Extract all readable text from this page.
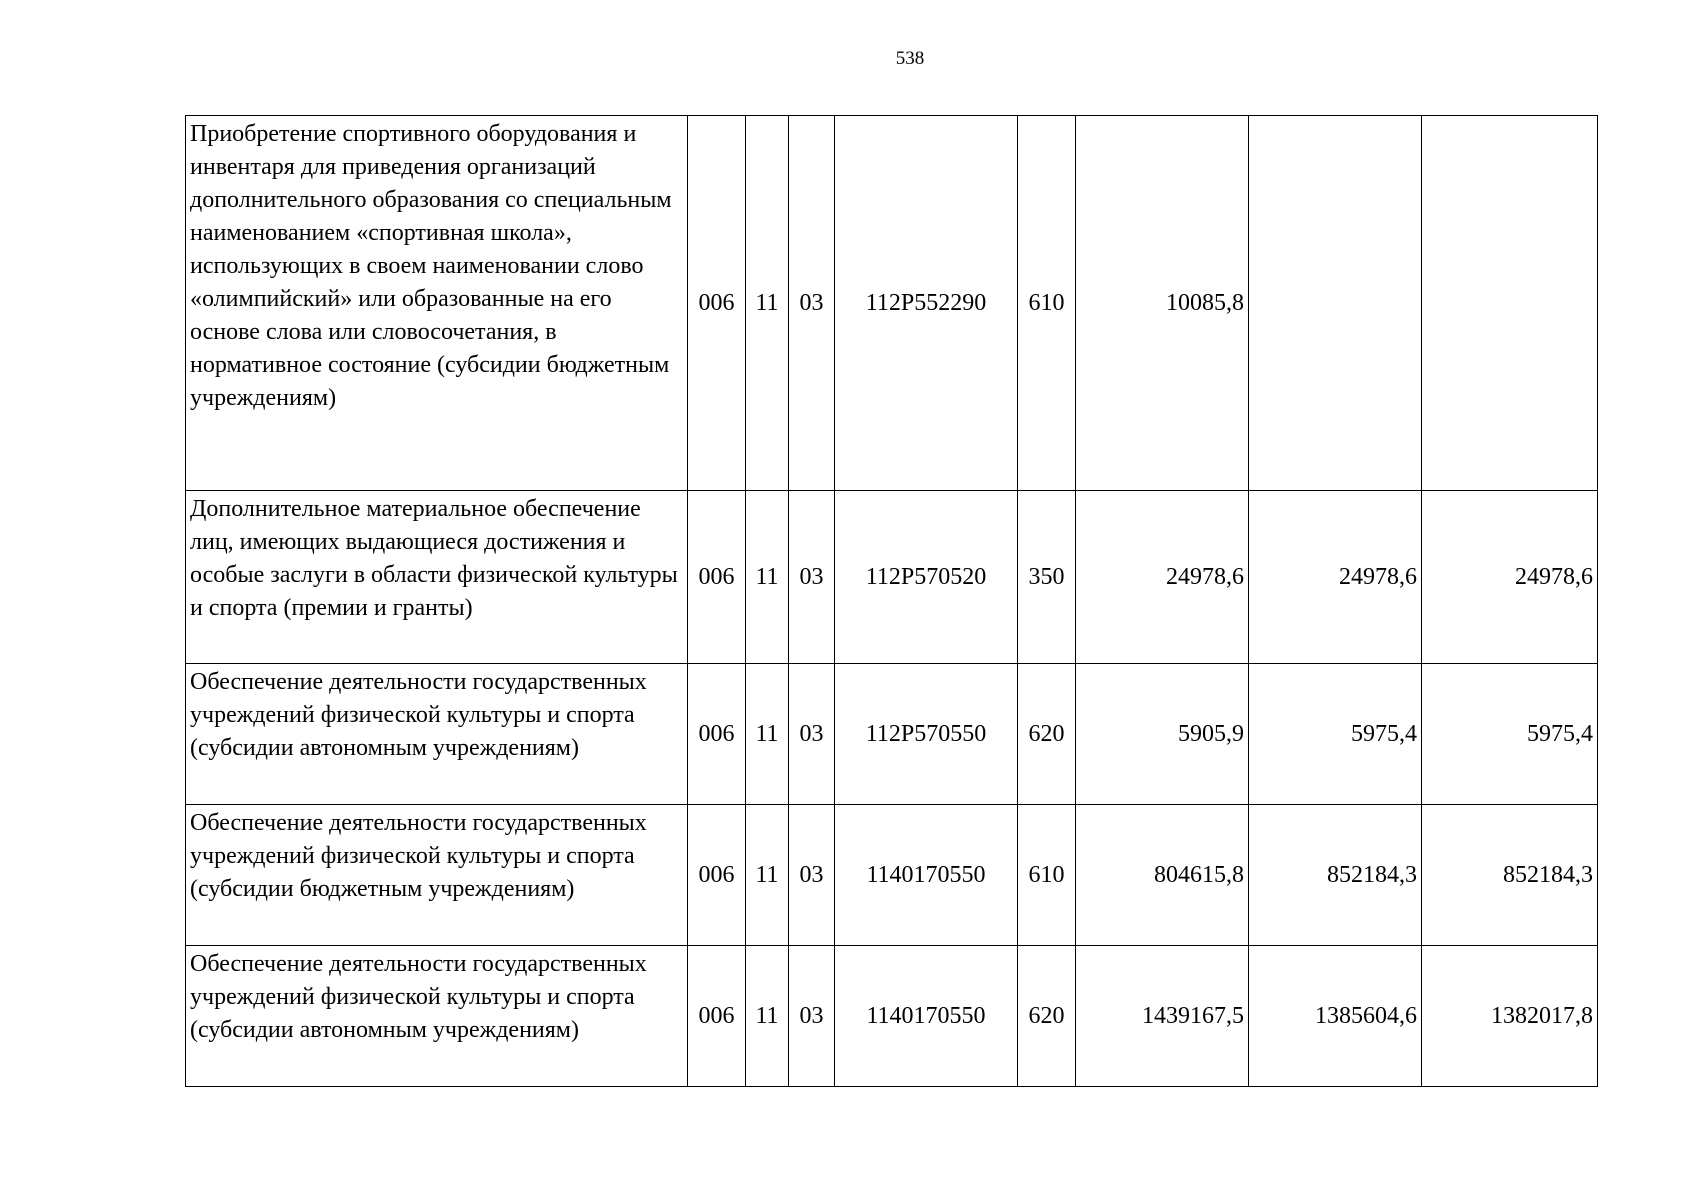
538
Приобретение спортивного оборудования и инвентаря для приведения организаций дополнительного образования со специальным наименованием «спортивная школа», использующих в своем наименовании слово «олимпийский» или образованные на его основе слова или словосочетания, в нормативное состояние (субсидии бюджетным учреждениям)	006	11	03	112P552290	610	10085,8		
Дополнительное материальное обеспечение лиц, имеющих выдающиеся достижения и особые заслуги в области физической культуры и спорта (премии и гранты)	006	11	03	112P570520	350	24978,6	24978,6	24978,6
Обеспечение деятельности государственных учреждений физической культуры и спорта (субсидии автономным учреждениям)	006	11	03	112P570550	620	5905,9	5975,4	5975,4
Обеспечение деятельности государственных учреждений физической культуры и спорта (субсидии бюджетным учреждениям)	006	11	03	1140170550	610	804615,8	852184,3	852184,3
Обеспечение деятельности государственных учреждений физической культуры и спорта (субсидии автономным учреждениям)	006	11	03	1140170550	620	1439167,5	1385604,6	1382017,8
